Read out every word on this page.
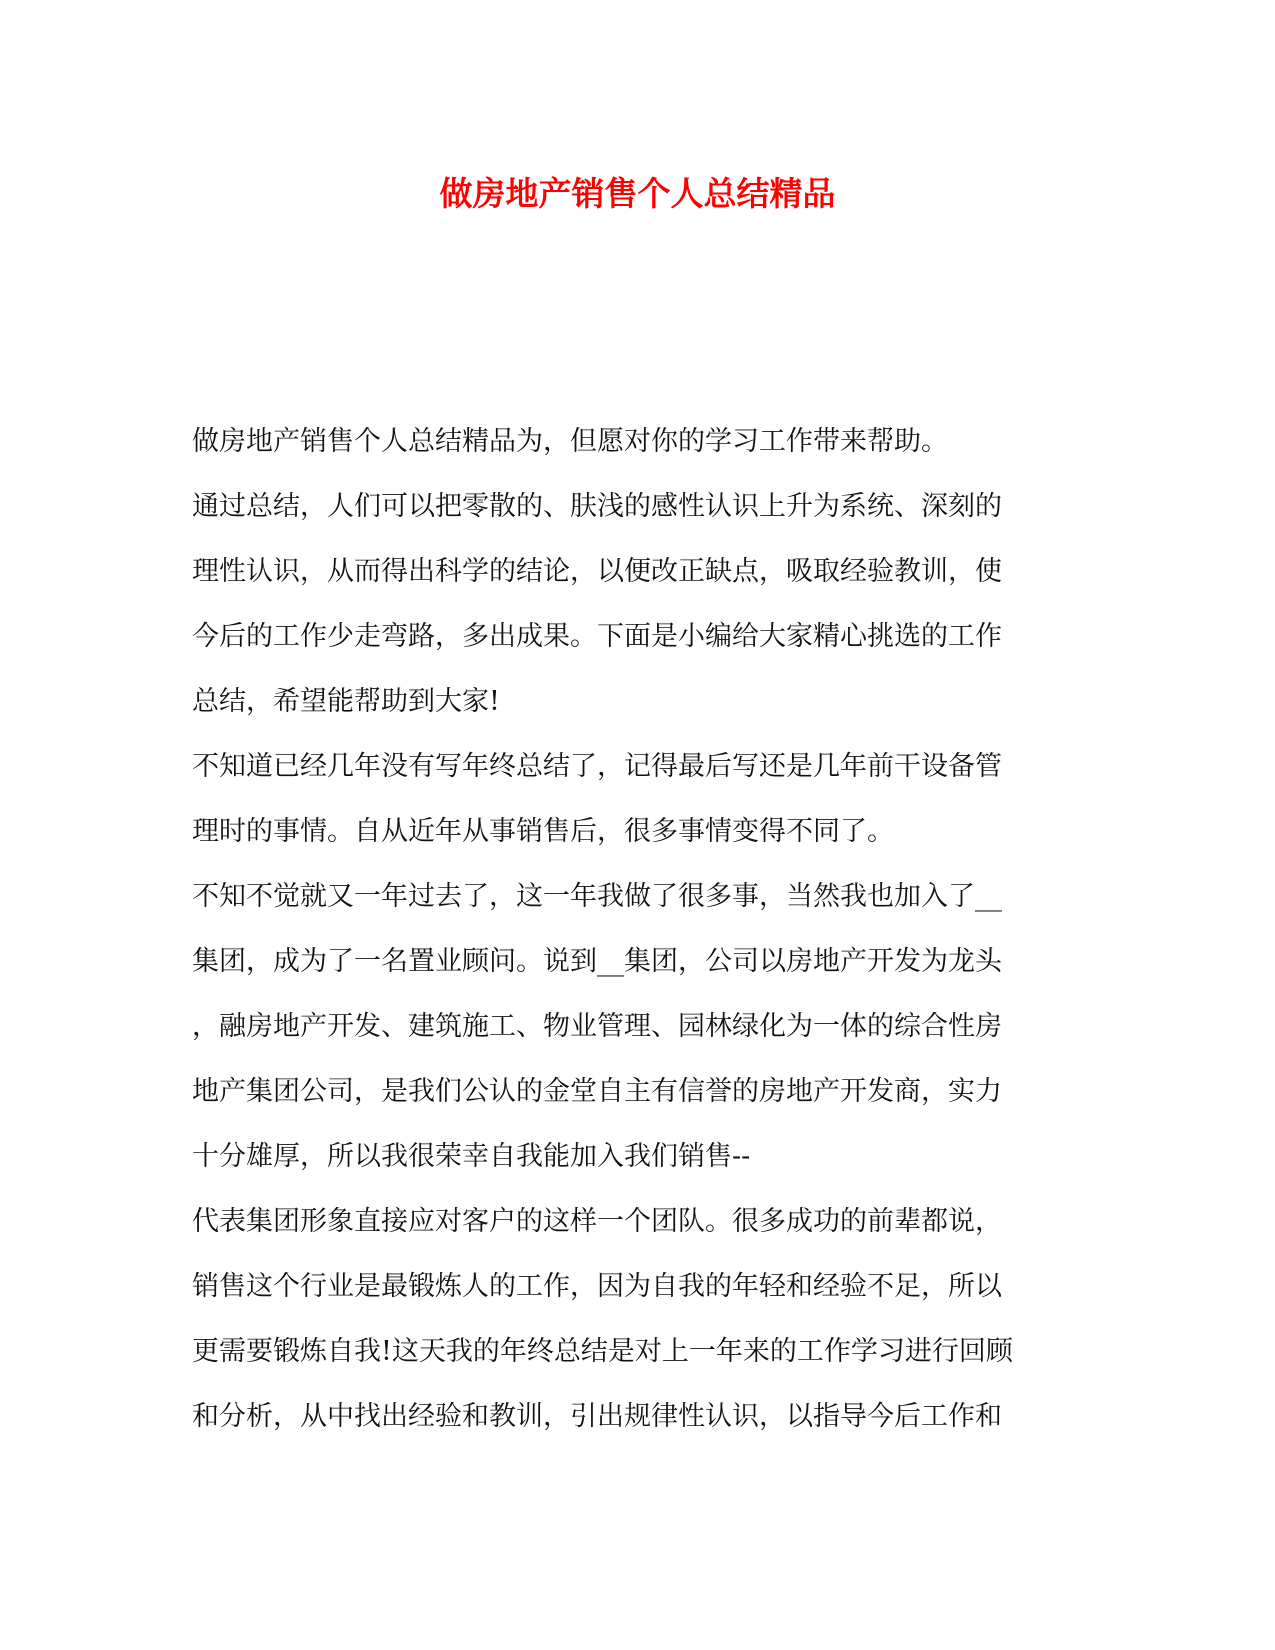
做房地产销售个人总结精品
做房地产销售个人总结精品为，但愿对你的学习工作带来帮助。
通过总结，人们可以把零散的、肤浅的感性认识上升为系统、深刻的
理性认识，从而得出科学的结论，以便改正缺点，吸取经验教训，使
今后的工作少走弯路，多出成果。下面是小编给大家精心挑选的工作
总结，希望能帮助到大家!
不知道已经几年没有写年终总结了，记得最后写还是几年前干设备管
理时的事情。自从近年从事销售后，很多事情变得不同了。
不知不觉就又一年过去了，这一年我做了很多事，当然我也加入了__
集团，成为了一名置业顾问。说到__集团，公司以房地产开发为龙头
，融房地产开发、建筑施工、物业管理、园林绿化为一体的综合性房
地产集团公司，是我们公认的金堂自主有信誉的房地产开发商，实力
十分雄厚，所以我很荣幸自我能加入我们销售--
代表集团形象直接应对客户的这样一个团队。很多成功的前辈都说，
销售这个行业是最锻炼人的工作，因为自我的年轻和经验不足，所以
更需要锻炼自我!这天我的年终总结是对上一年来的工作学习进行回顾
和分析，从中找出经验和教训，引出规律性认识，以指导今后工作和
